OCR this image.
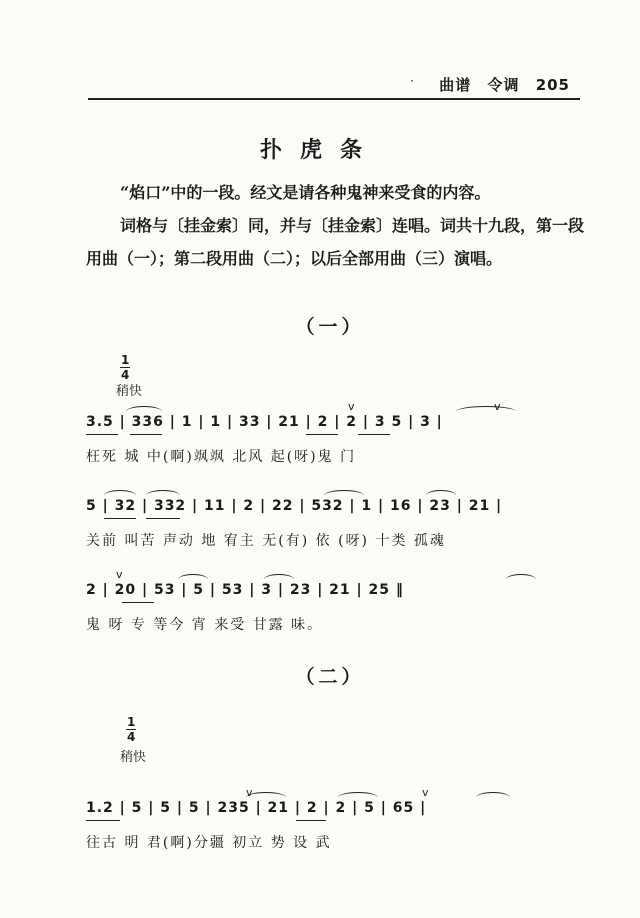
·	曲谱 令调 205
扑虎条
“焰口”中的一段。经文是请各种鬼神来受食的内容。
词格与〔挂金索〕同，并与〔挂金索〕连唱。词共十九段，第一段用曲（一）；第二段用曲（二）；以后全部用曲（三）演唱。
（一）
$\frac{1}{4}$
稍快
v	v
3.5 | 336 | 1 | 1 | 33 | 21 | 2 | 2 | 3 5 | 3 |
枉死 城 中(啊)飒飒 北风 起(呀)鬼 门
5 | 32 | 332 | 11 | 2 | 22 | 532 | 1 | 16 | 23 | 21 |
关前 叫苦 声动 地 宥主 无(有) 依 (呀) 十类 孤魂
v
2 | 20 | 53 | 5 | 53 | 3 | 23 | 21 | 25 ‖
鬼 呀 专 等今 宵 来受 甘露 味。
（二）
$\frac{1}{4}$
稍快
v	v
1.2 | 5 | 5 | 5 | 235 | 21 | 2 | 2 | 5 | 65 |
往古 明 君(啊)分疆 初立 势 设 武
